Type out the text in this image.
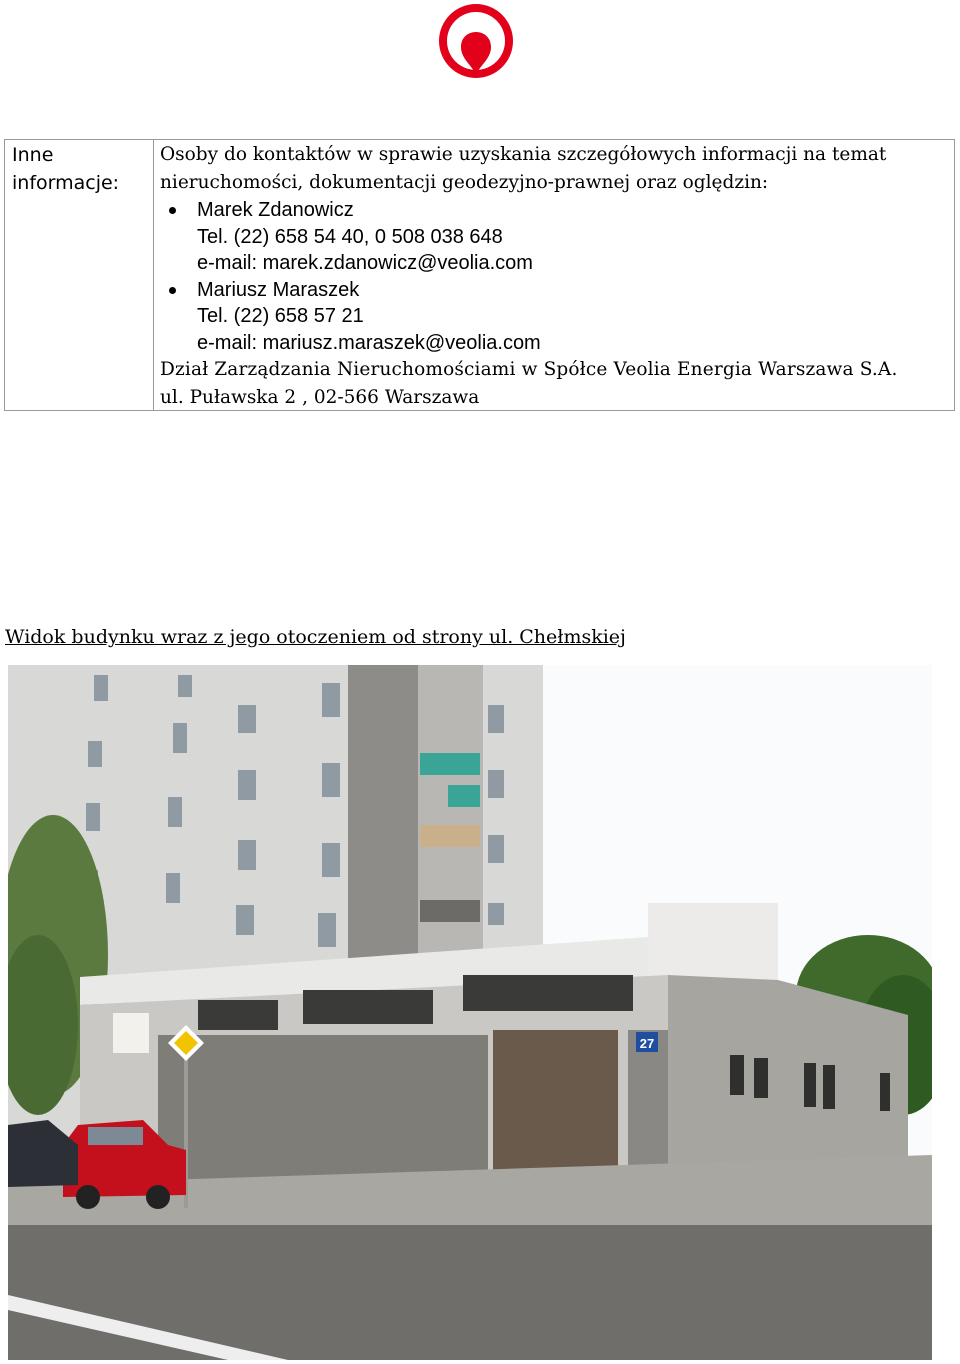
Inne informacje:
Osoby do kontaktów w sprawie uzyskania szczegółowych informacji na temat nieruchomości, dokumentacji geodezyjno-prawnej oraz oględzin:
Marek Zdanowicz
Tel. (22) 658 54 40, 0 508 038 648
e-mail: marek.zdanowicz@veolia.com
Mariusz Maraszek
Tel. (22) 658 57 21
e-mail: mariusz.maraszek@veolia.com
Dział Zarządzania Nieruchomościami w Spółce Veolia Energia Warszawa S.A.
ul. Puławska 2 , 02-566 Warszawa
Widok budynku wraz z jego otoczeniem od strony ul. Chełmskiej
27
